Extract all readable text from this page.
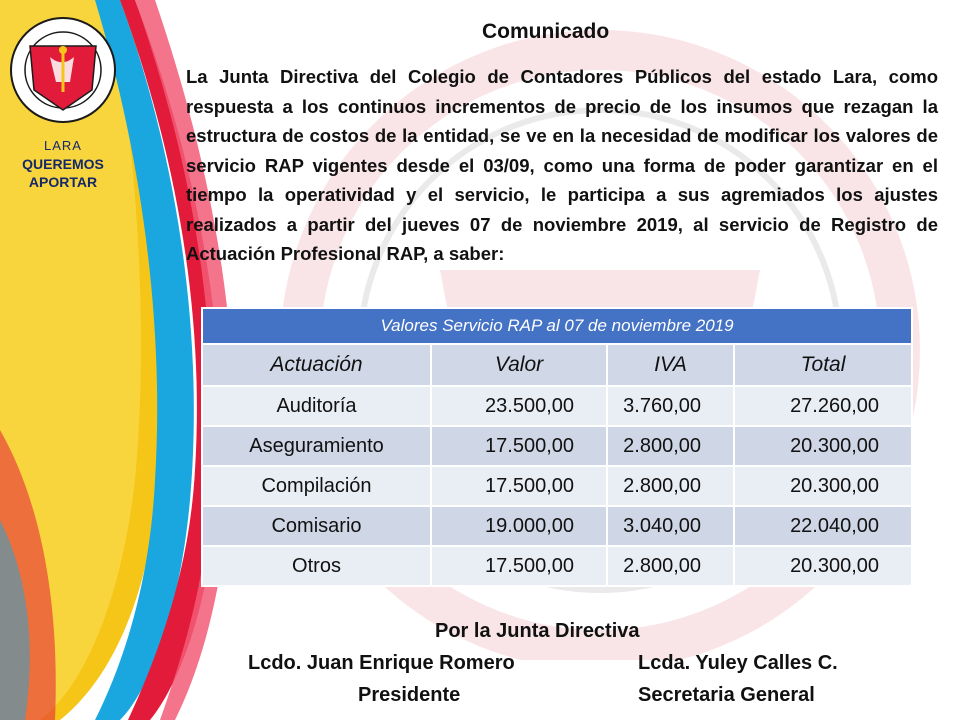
LARA
QUEREMOS
APORTAR
Comunicado
La Junta Directiva del Colegio de Contadores Públicos del estado Lara, como respuesta a los continuos incrementos de precio de los insumos que rezagan la estructura de costos de la entidad, se ve en la necesidad de modificar los valores de servicio RAP vigentes desde el 03/09, como una forma de poder garantizar en el tiempo la operatividad y el servicio, le participa a sus agremiados los ajustes realizados a partir del jueves 07 de noviembre 2019, al servicio de Registro de Actuación Profesional RAP, a saber:
Valores Servicio RAP al 07 de noviembre 2019			
Actuación	Valor	IVA	Total
Auditoría	23.500,00	3.760,00	27.260,00
Aseguramiento	17.500,00	2.800,00	20.300,00
Compilación	17.500,00	2.800,00	20.300,00
Comisario	19.000,00	3.040,00	22.040,00
Otros	17.500,00	2.800,00	20.300,00
Por la Junta Directiva
Lcdo. Juan Enrique Romero
Presidente
Lcda. Yuley Calles C.
Secretaria General
